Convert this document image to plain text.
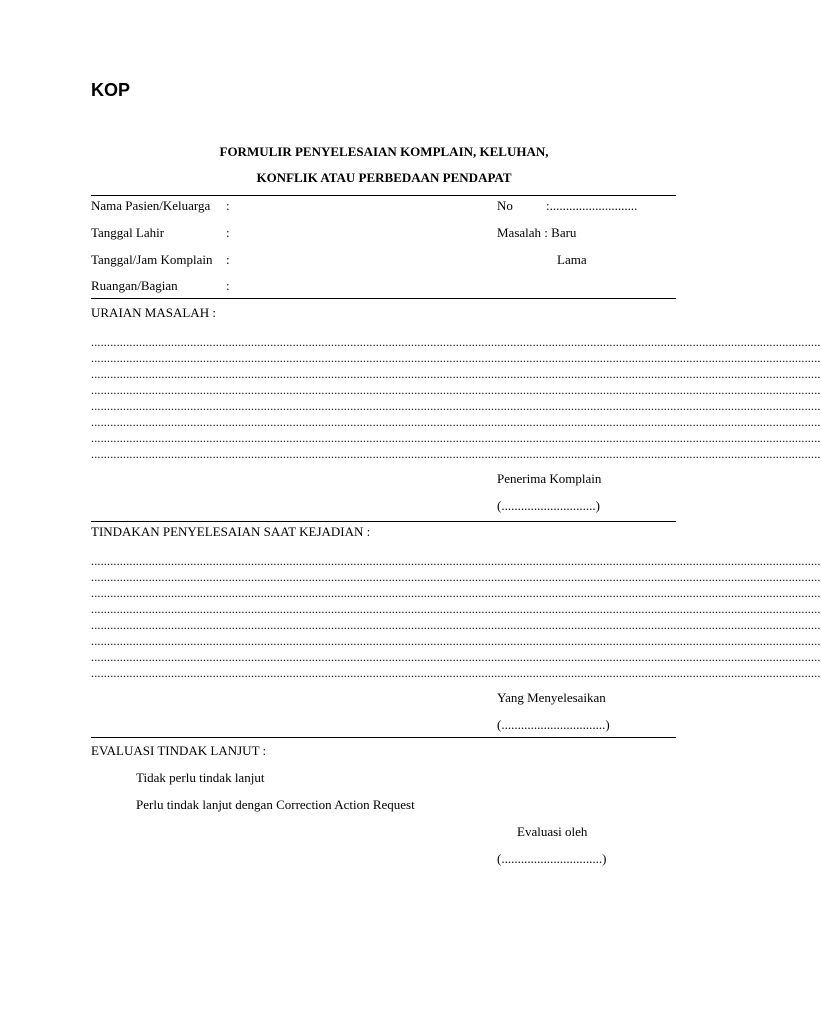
KOP
FORMULIR PENYELESAIAN KOMPLAIN, KELUHAN,
KONFLIK ATAU PERBEDAAN PENDAPAT
Nama Pasien/Keluarga :	No	:...........................
Tanggal Lahir	:	Masalah : Baru
Tanggal/Jam Komplain :	Lama
Ruangan/Bagian	:
URAIAN MASALAH :
....................................................................................................................................................................................................................................
....................................................................................................................................................................................................................................
....................................................................................................................................................................................................................................
....................................................................................................................................................................................................................................
....................................................................................................................................................................................................................................
....................................................................................................................................................................................................................................
....................................................................................................................................................................................................................................
....................................................................................................................................................................................................................................
Penerima Komplain
(.............................)
TINDAKAN PENYELESAIAN SAAT KEJADIAN :
....................................................................................................................................................................................................................................
....................................................................................................................................................................................................................................
....................................................................................................................................................................................................................................
....................................................................................................................................................................................................................................
....................................................................................................................................................................................................................................
....................................................................................................................................................................................................................................
....................................................................................................................................................................................................................................
....................................................................................................................................................................................................................................
Yang Menyelesaikan
(................................)
EVALUASI TINDAK LANJUT :
Tidak perlu tindak lanjut
Perlu tindak lanjut dengan Correction Action Request
Evaluasi oleh
(...............................)
